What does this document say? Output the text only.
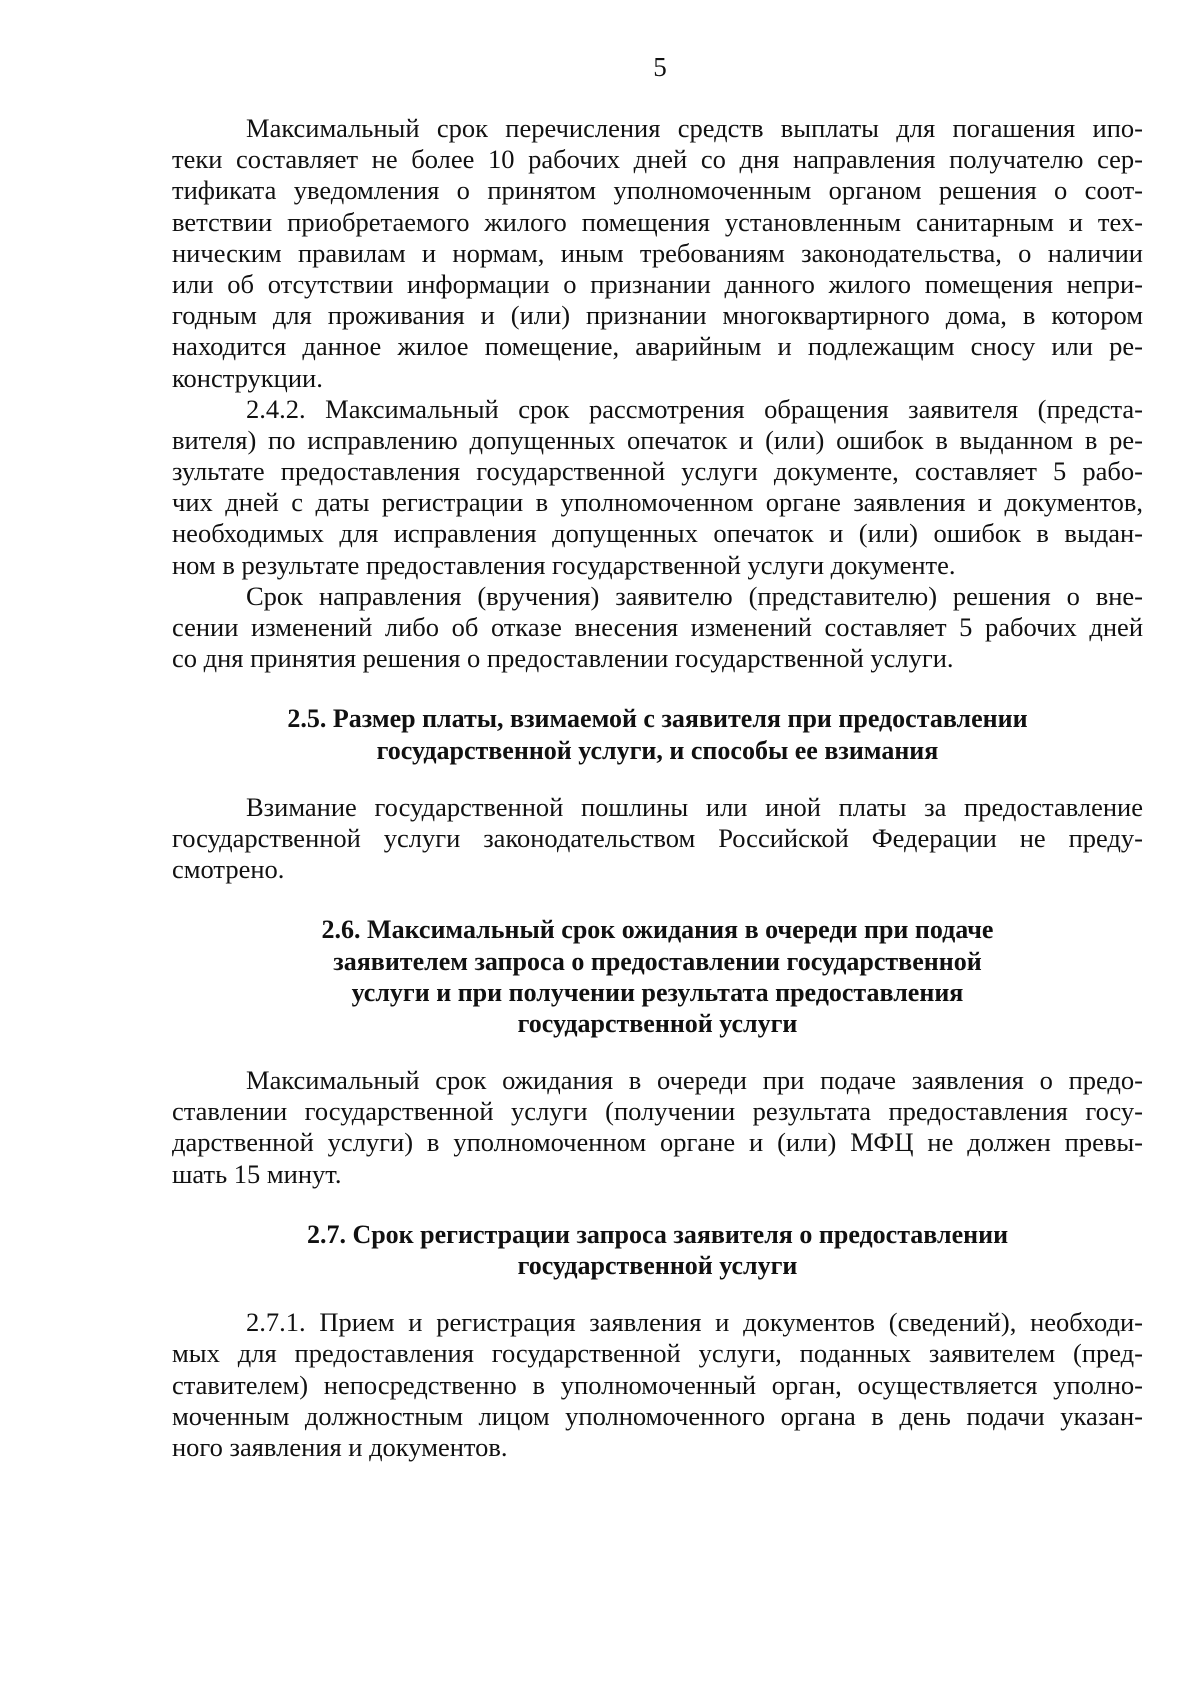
5
Максимальный срок перечисления средств выплаты для погашения ипо-
теки составляет не более 10 рабочих дней со дня направления получателю сер-
тификата уведомления о принятом уполномоченным органом решения о соот-
ветствии приобретаемого жилого помещения установленным санитарным и тех-
ническим правилам и нормам, иным требованиям законодательства, о наличии
или об отсутствии информации о признании данного жилого помещения непри-
годным для проживания и (или) признании многоквартирного дома, в котором
находится данное жилое помещение, аварийным и подлежащим сносу или ре-
конструкции.
2.4.2. Максимальный срок рассмотрения обращения заявителя (предста-
вителя) по исправлению допущенных опечаток и (или) ошибок в выданном в ре-
зультате предоставления государственной услуги документе, составляет 5 рабо-
чих дней с даты регистрации в уполномоченном органе заявления и документов,
необходимых для исправления допущенных опечаток и (или) ошибок в выдан-
ном в результате предоставления государственной услуги документе.
Срок направления (вручения) заявителю (представителю) решения о вне-
сении изменений либо об отказе внесения изменений составляет 5 рабочих дней
со дня принятия решения о предоставлении государственной услуги.
2.5. Размер платы, взимаемой с заявителя при предоставлении
государственной услуги, и способы ее взимания
Взимание государственной пошлины или иной платы за предоставление
государственной услуги законодательством Российской Федерации не преду-
смотрено.
2.6. Максимальный срок ожидания в очереди при подаче
заявителем запроса о предоставлении государственной
услуги и при получении результата предоставления
государственной услуги
Максимальный срок ожидания в очереди при подаче заявления о предо-
ставлении государственной услуги (получении результата предоставления госу-
дарственной услуги) в уполномоченном органе и (или) МФЦ не должен превы-
шать 15 минут.
2.7. Срок регистрации запроса заявителя о предоставлении
государственной услуги
2.7.1. Прием и регистрация заявления и документов (сведений), необходи-
мых для предоставления государственной услуги, поданных заявителем (пред-
ставителем) непосредственно в уполномоченный орган, осуществляется уполно-
моченным должностным лицом уполномоченного органа в день подачи указан-
ного заявления и документов.
